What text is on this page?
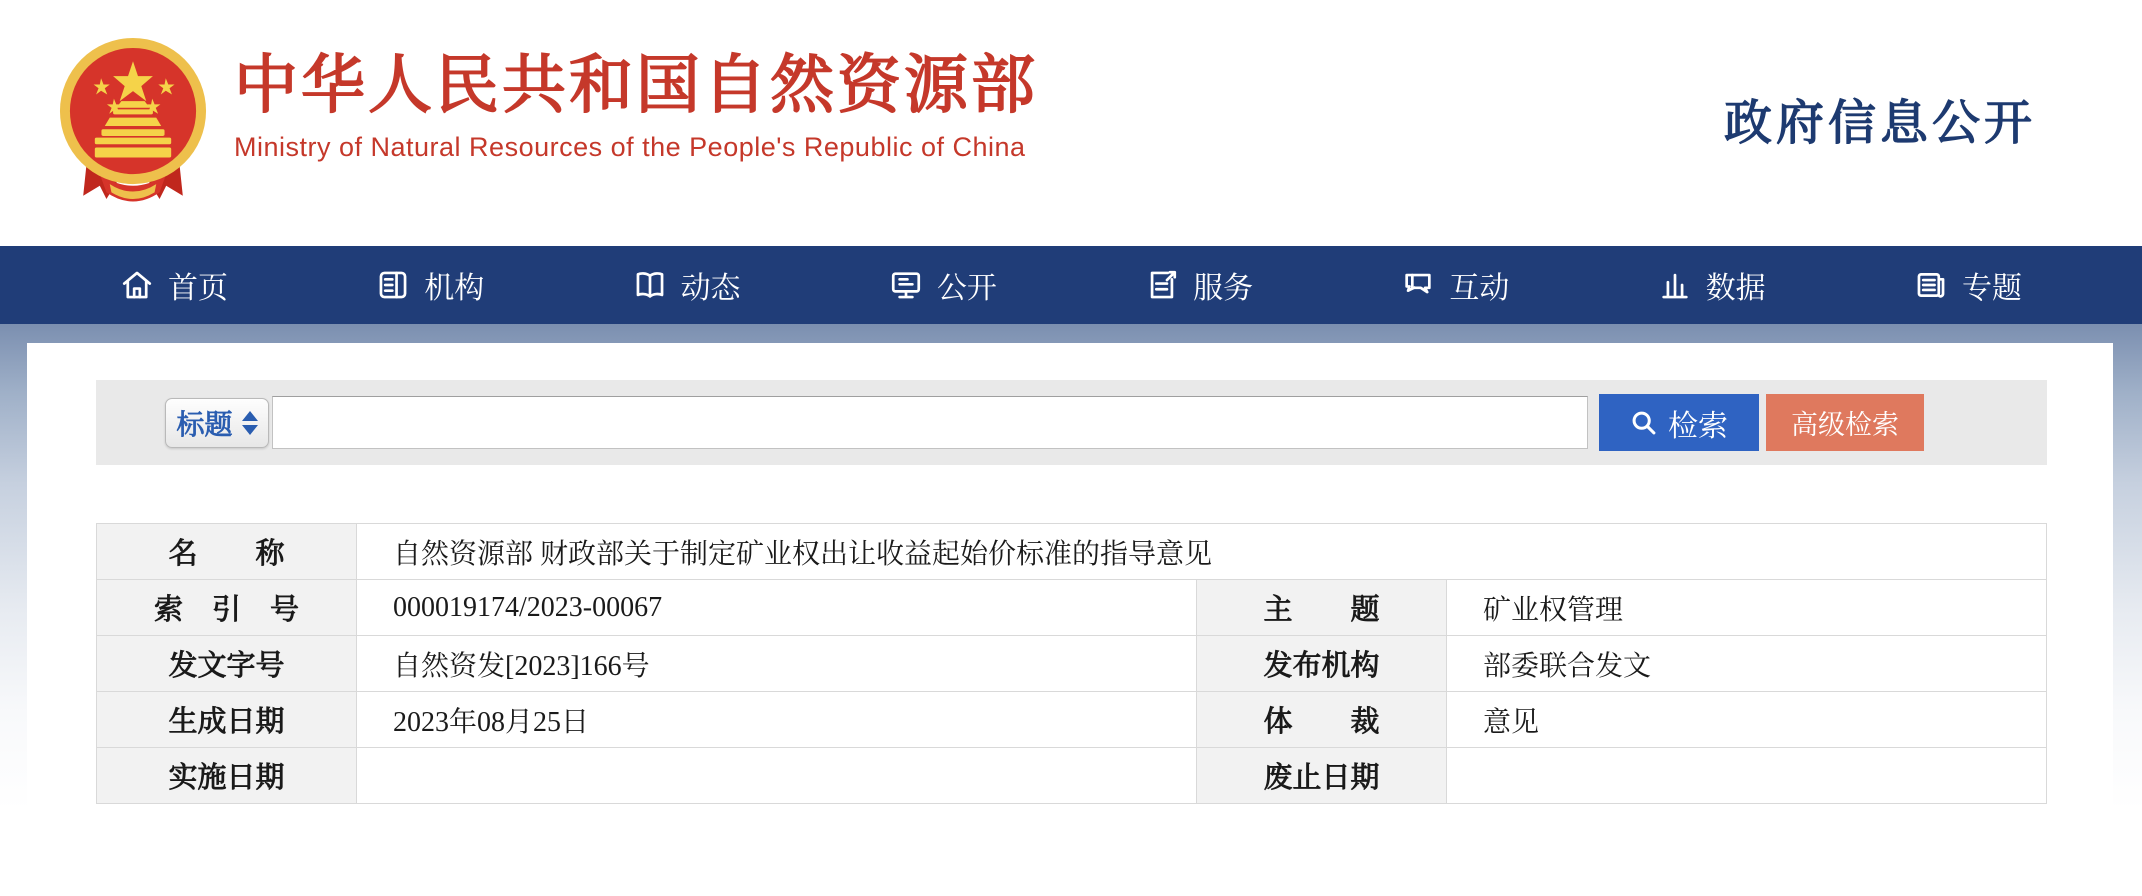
中华人民共和国自然资源部
Ministry of Natural Resources of the People's Republic of China	政府信息公开
首页	机构	动态	公开	服务	互动	数据	专题
标题	检索 高级检索
名　　称	自然资源部 财政部关于制定矿业权出让收益起始价标准的指导意见		
索　引　号	000019174/2023-00067	主　　题	矿业权管理
发文字号	自然资发[2023]166号	发布机构	部委联合发文
生成日期	2023年08月25日	体　　裁	意见
实施日期		废止日期	
